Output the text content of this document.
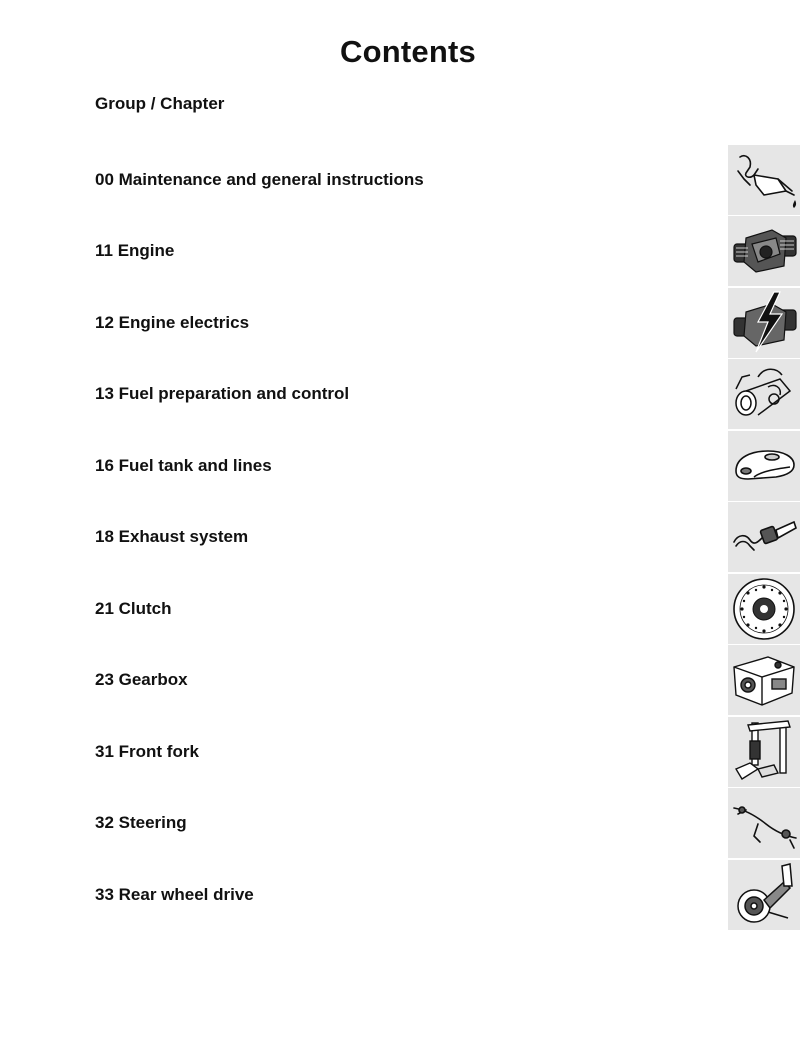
Contents
Group / Chapter
00 Maintenance and general instructions
11 Engine
12 Engine electrics
13 Fuel preparation and control
16 Fuel tank and lines
18 Exhaust system
21 Clutch
23 Gearbox
31 Front fork
32 Steering
33 Rear wheel drive
